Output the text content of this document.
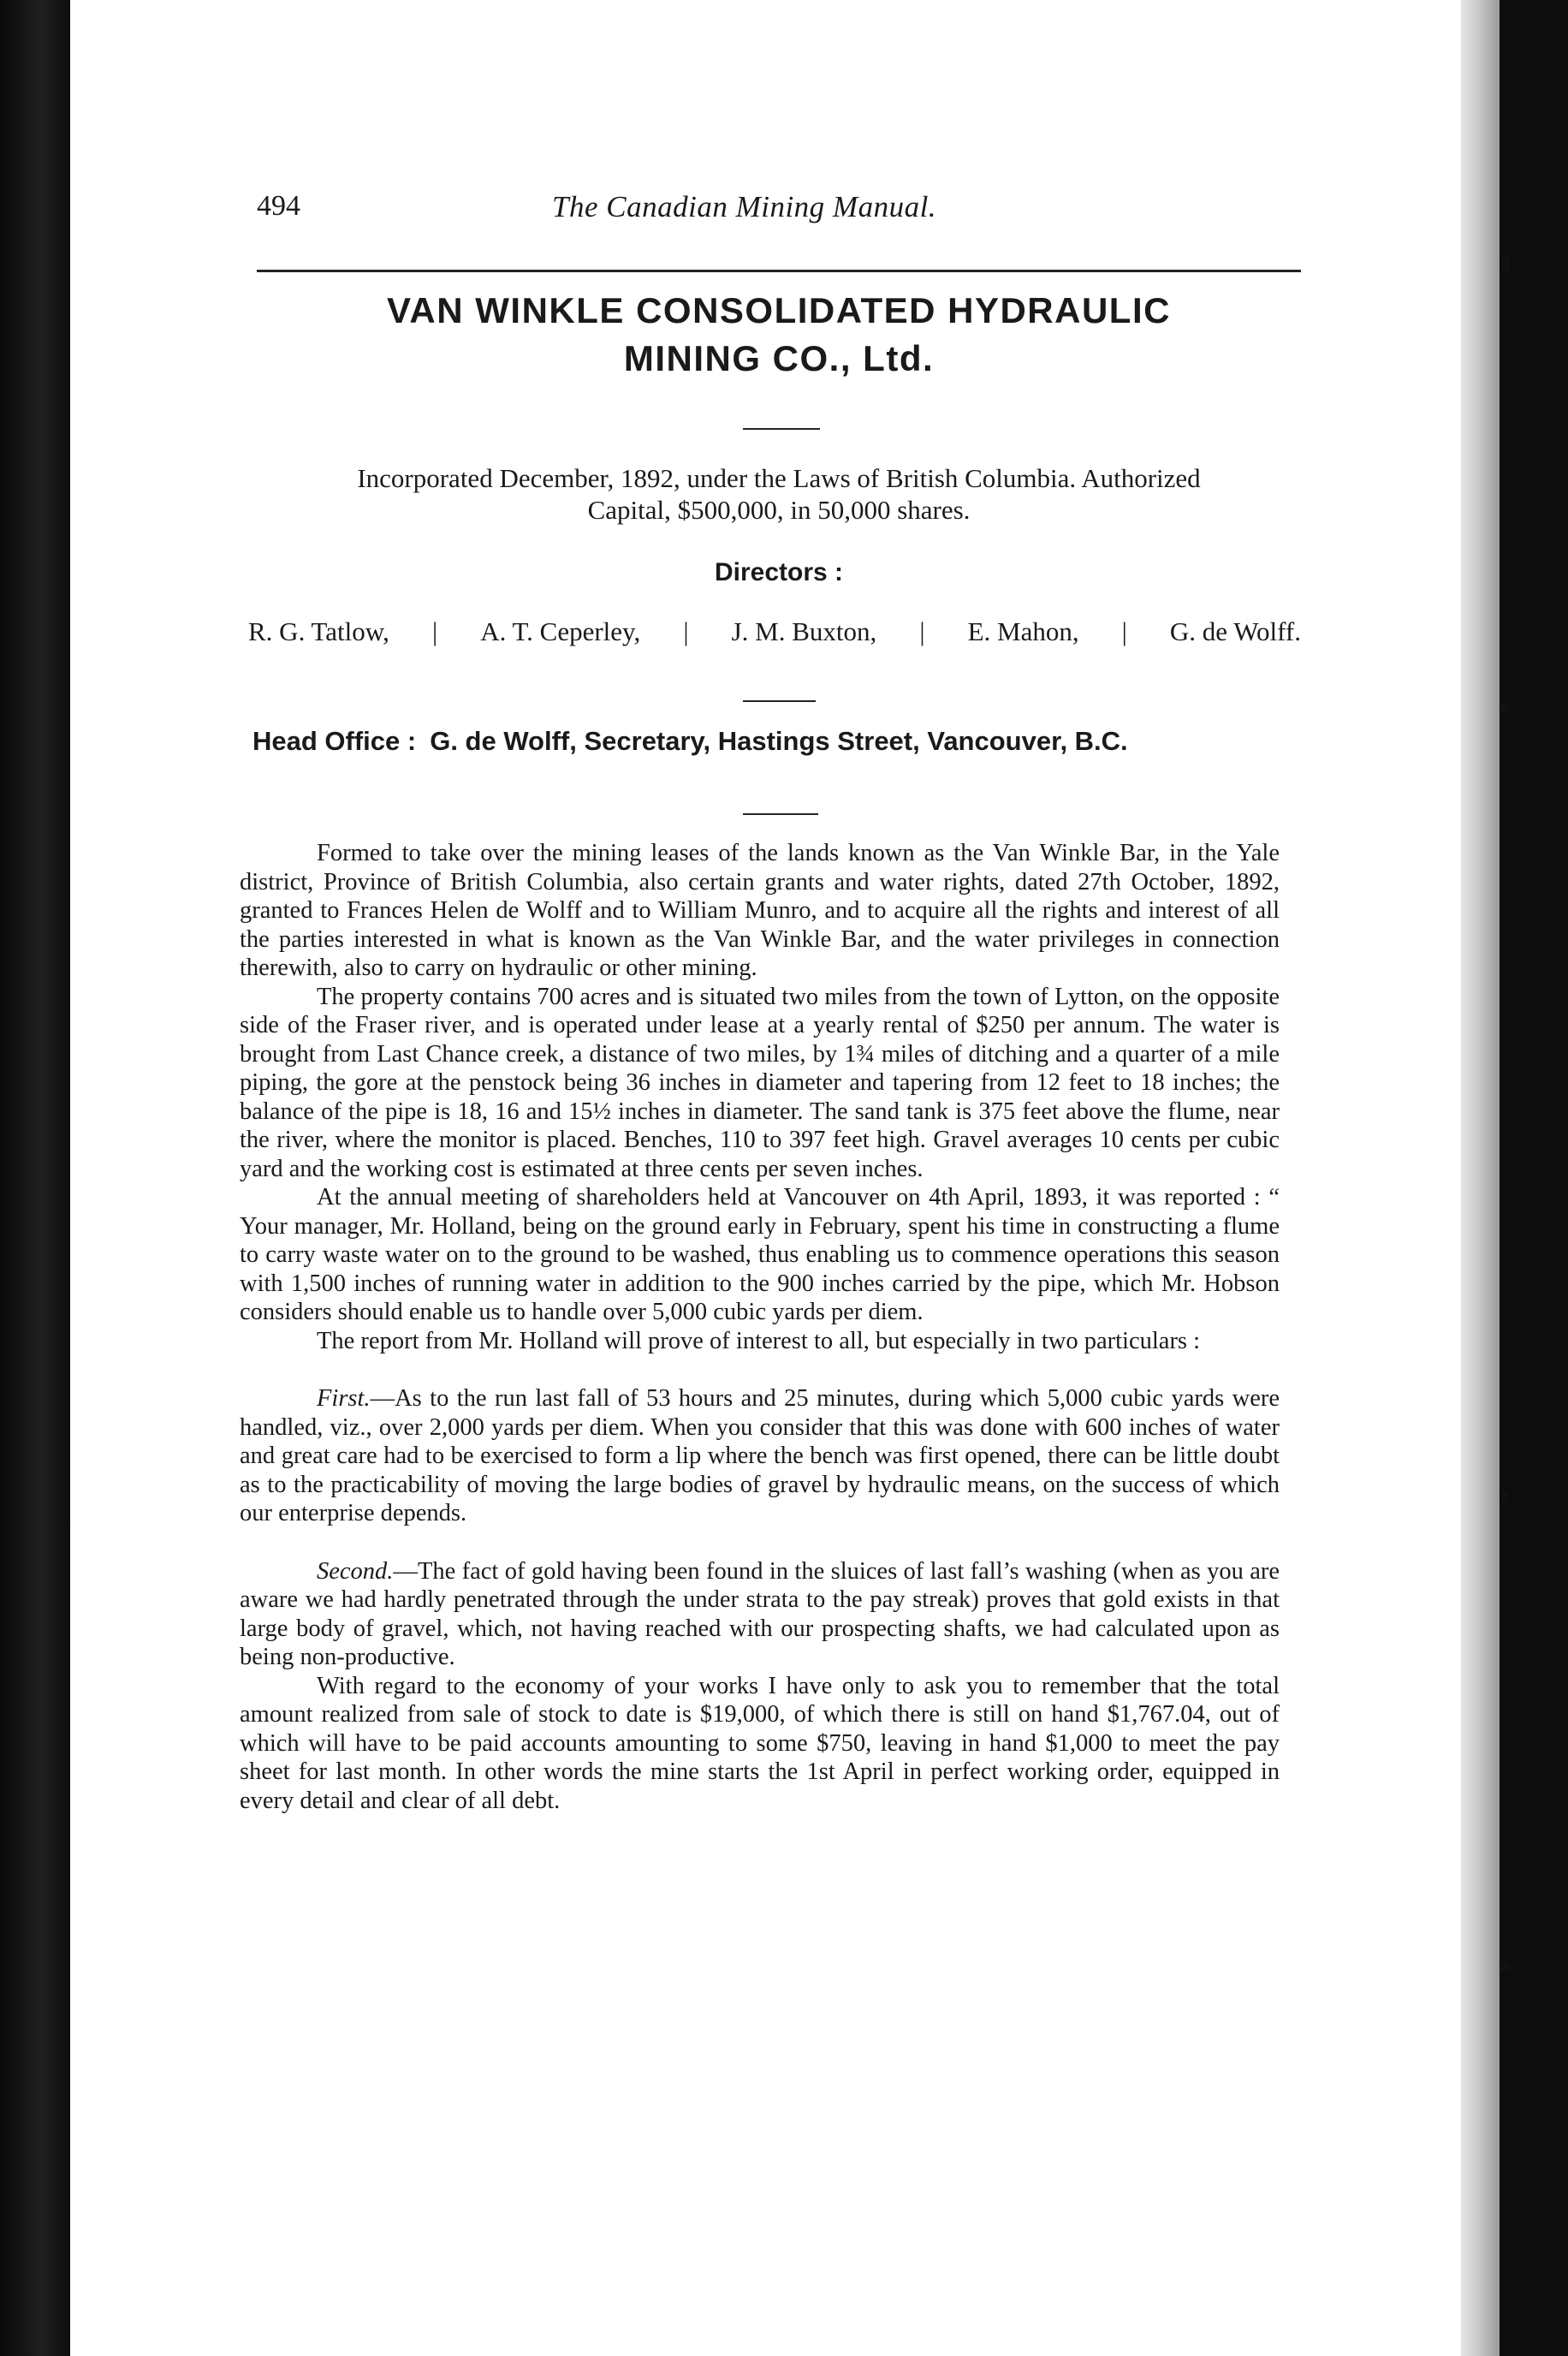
494	The Canadian Mining Manual.
VAN WINKLE CONSOLIDATED HYDRAULIC
MINING CO., Ltd.
Incorporated December, 1892, under the Laws of British Columbia. Authorized
Capital, $500,000, in 50,000 shares.
Directors :
R. G. Tatlow, | A. T. Ceperley, | J. M. Buxton, | E. Mahon, | G. de Wolff.
Head Office : G. de Wolff, Secretary, Hastings Street, Vancouver, B.C.

Formed to take over the mining leases of the lands known as the Van Winkle Bar, in the Yale district, Province of British Columbia, also certain grants and water rights, dated 27th October, 1892, granted to Frances Helen de Wolff and to William Munro, and to acquire all the rights and interest of all the parties interested in what is known as the Van Winkle Bar, and the water privileges in connection therewith, also to carry on hydraulic or other mining.

The property contains 700 acres and is situated two miles from the town of Lytton, on the opposite side of the Fraser river, and is operated under lease at a yearly rental of $250 per annum. The water is brought from Last Chance creek, a distance of two miles, by 1¾ miles of ditching and a quarter of a mile piping, the gore at the penstock being 36 inches in diameter and tapering from 12 feet to 18 inches; the balance of the pipe is 18, 16 and 15½ inches in diameter. The sand tank is 375 feet above the flume, near the river, where the monitor is placed. Benches, 110 to 397 feet high. Gravel averages 10 cents per cubic yard and the working cost is estimated at three cents per seven inches.

At the annual meeting of shareholders held at Vancouver on 4th April, 1893, it was reported : “ Your manager, Mr. Holland, being on the ground early in February, spent his time in constructing a flume to carry waste water on to the ground to be washed, thus enabling us to commence operations this season with 1,500 inches of running water in addition to the 900 inches carried by the pipe, which Mr. Hobson considers should enable us to handle over 5,000 cubic yards per diem.

The report from Mr. Holland will prove of interest to all, but especially in two particulars :

First.—As to the run last fall of 53 hours and 25 minutes, during which 5,000 cubic yards were handled, viz., over 2,000 yards per diem. When you consider that this was done with 600 inches of water and great care had to be exercised to form a lip where the bench was first opened, there can be little doubt as to the practicability of moving the large bodies of gravel by hydraulic means, on the success of which our enterprise depends.

Second.—The fact of gold having been found in the sluices of last fall’s washing (when as you are aware we had hardly penetrated through the under strata to the pay streak) proves that gold exists in that large body of gravel, which, not having reached with our prospecting shafts, we had calculated upon as being non-productive.

With regard to the economy of your works I have only to ask you to remember that the total amount realized from sale of stock to date is $19,000, of which there is still on hand $1,767.04, out of which will have to be paid accounts amounting to some $750, leaving in hand $1,000 to meet the pay sheet for last month. In other words the mine starts the 1st April in perfect working order, equipped in every detail and clear of all debt.
